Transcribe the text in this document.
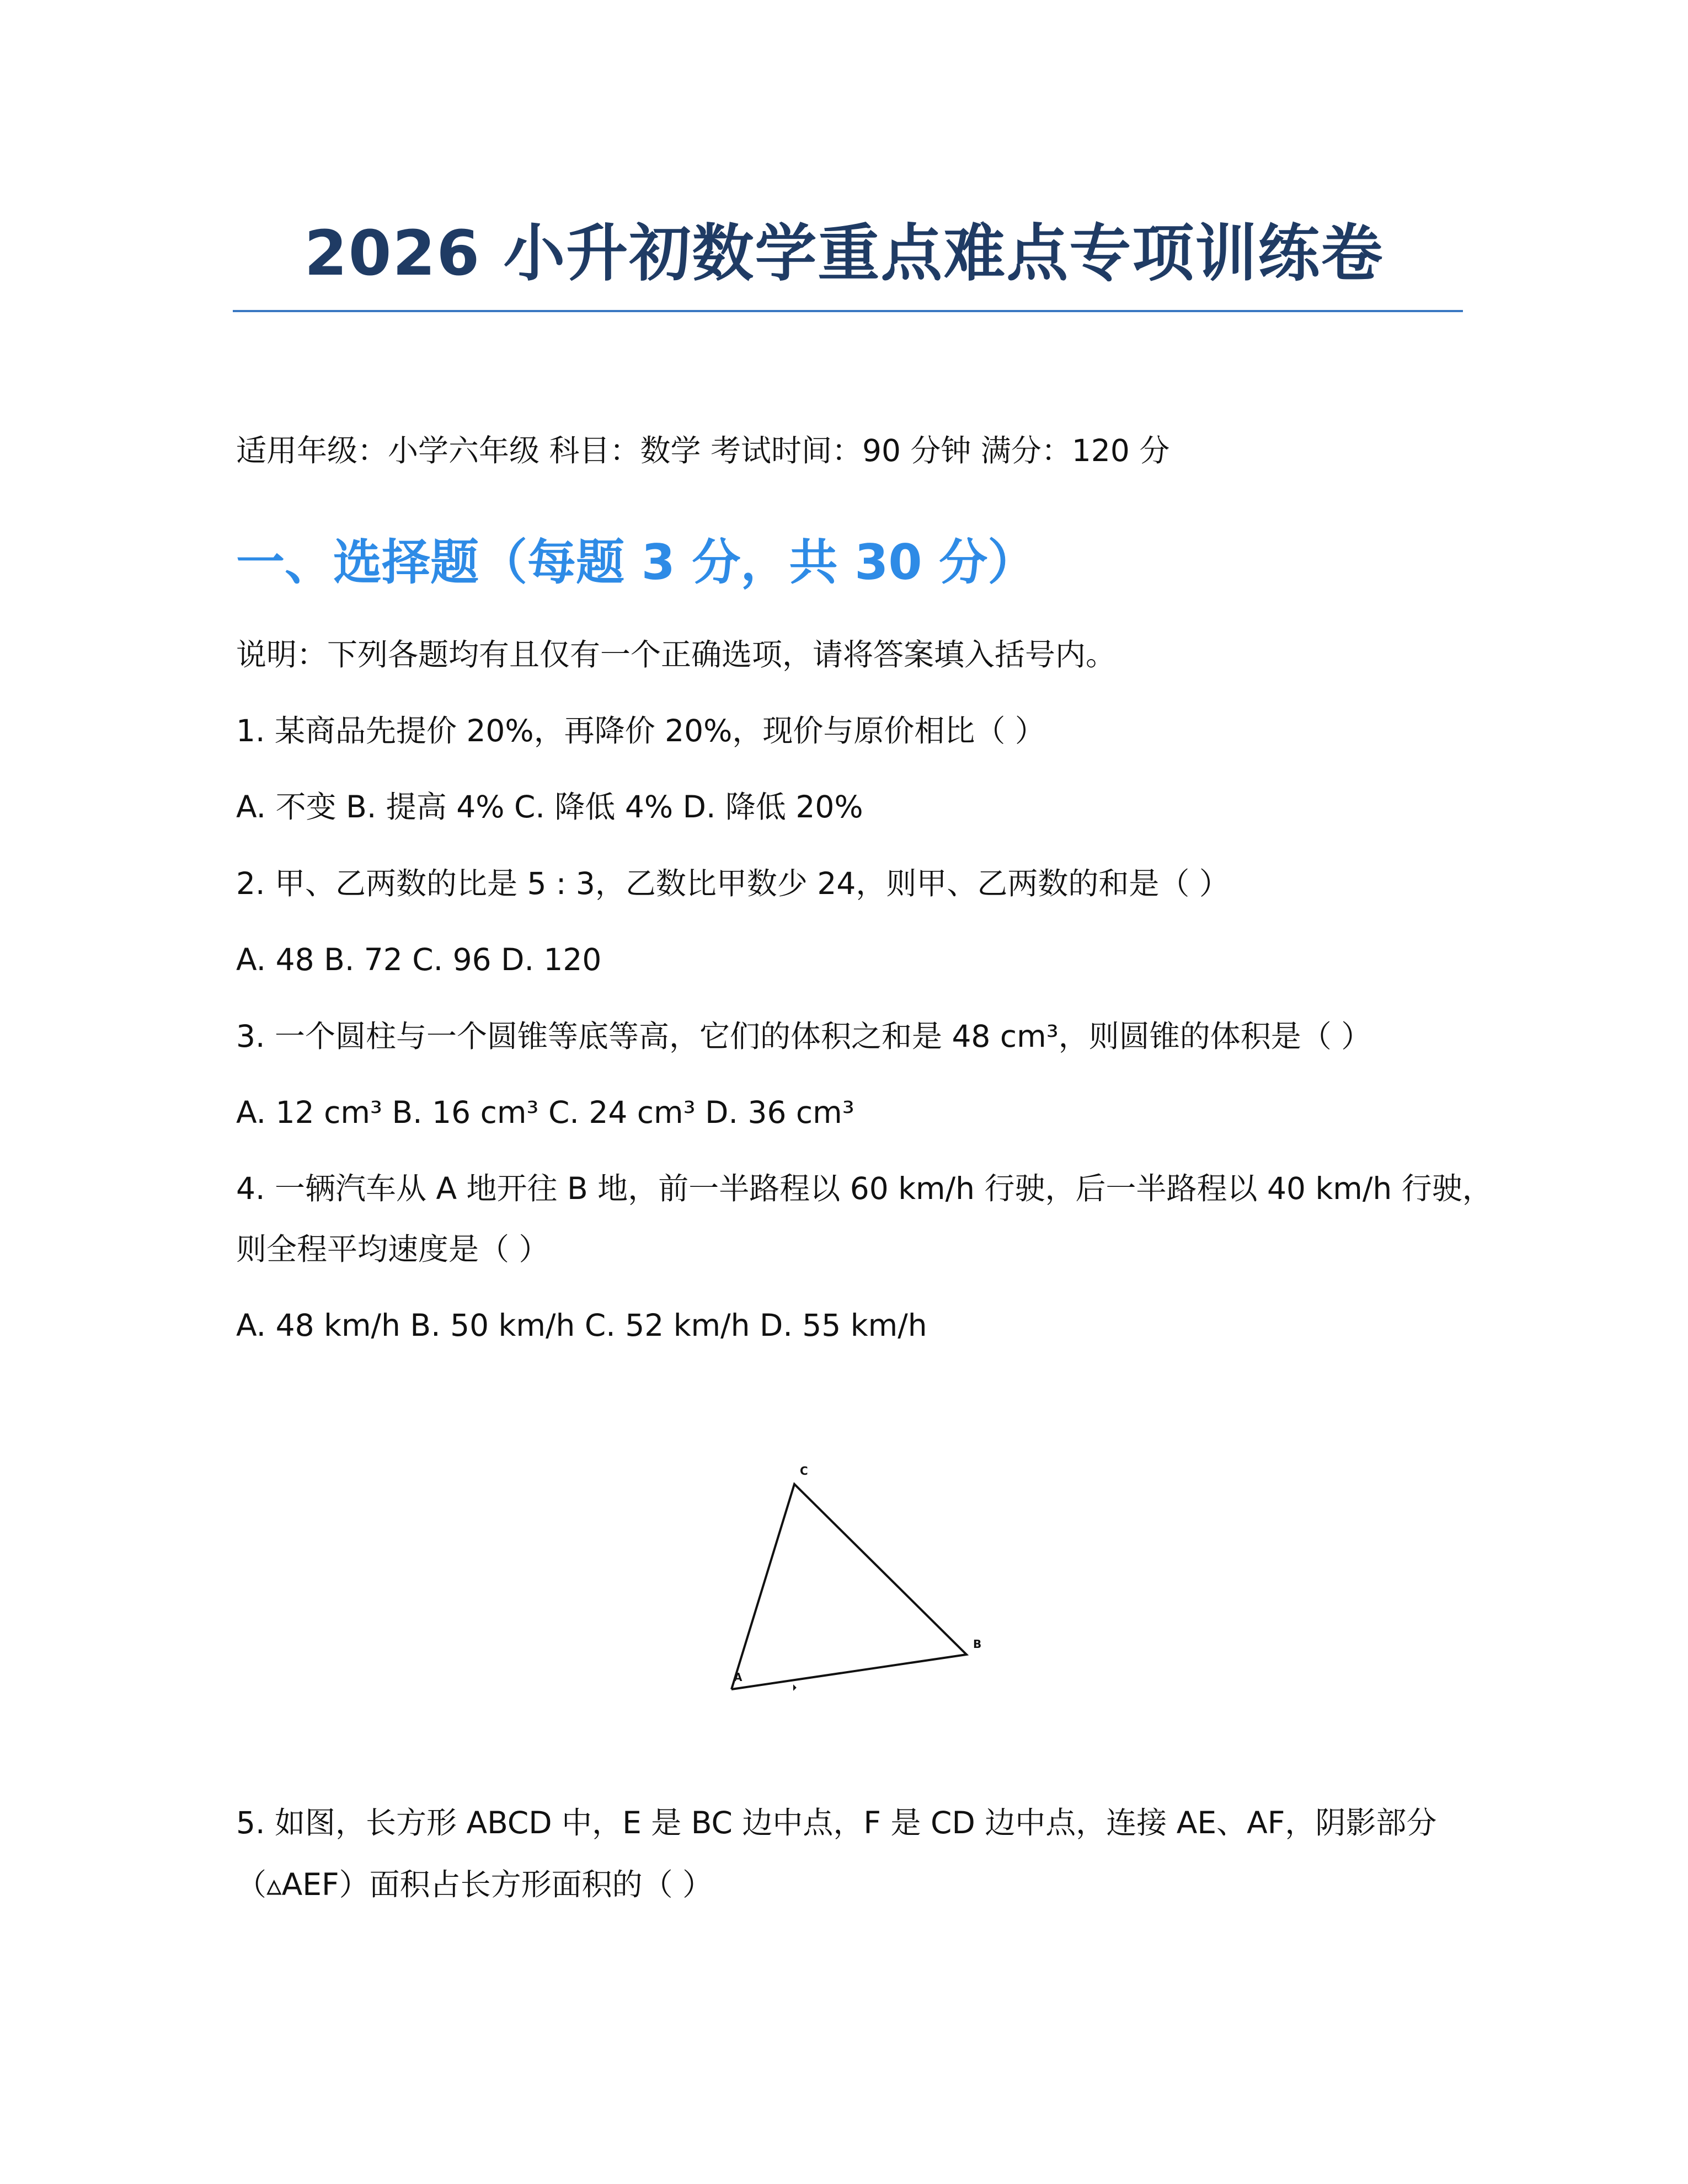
2026 小升初数学重点难点专项训练卷

适用年级：小学六年级 科目：数学 考试时间：90 分钟 满分：120 分

一、选择题（每题 3 分，共 30 分）

说明：下列各题均有且仅有一个正确选项，请将答案填入括号内。

1. 某商品先提价 20%，再降价 20%，现价与原价相比（ ）

A. 不变 B. 提高 4% C. 降低 4% D. 降低 20%

2. 甲、乙两数的比是 5 : 3，乙数比甲数少 24，则甲、乙两数的和是（ ）

A. 48 B. 72 C. 96 D. 120

3. 一个圆柱与一个圆锥等底等高，它们的体积之和是 48 cm³，则圆锥的体积是（ ）

A. 12 cm³ B. 16 cm³ C. 24 cm³ D. 36 cm³

4. 一辆汽车从 A 地开往 B 地，前一半路程以 60 km/h 行驶，后一半路程以 40 km/h 行驶，

则全程平均速度是（ ）

A. 48 km/h B. 50 km/h C. 52 km/h D. 55 km/h

A
B
C

5. 如图，长方形 ABCD 中，E 是 BC 边中点，F 是 CD 边中点，连接 AE、AF，阴影部分

（▵AEF）面积占长方形面积的（ ）
